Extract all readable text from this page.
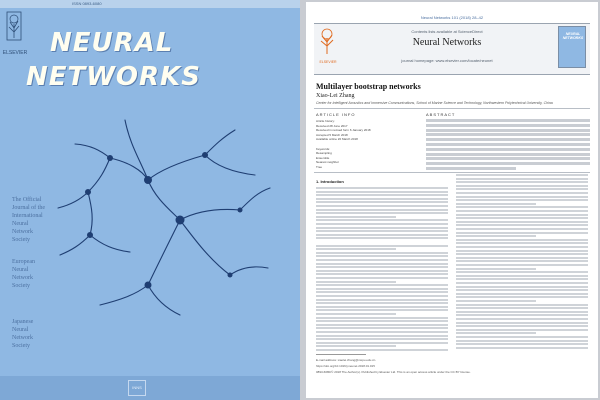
ISSN 0893-6080
ELSEVIER NEURAL
NETWORKS
The Official
Journal of the
International
Neural
Network
Society
European
Neural
Network
Society
Japanese
Neural
Network
Society
INNS
Neural Networks 101 (2018) 28–42
ELSEVIER
Contents lists available at ScienceDirect
Neural Networks
journal homepage: www.elsevier.com/locate/neunet
NEURAL NETWORKS
Multilayer bootstrap networks
Xiao-Lei Zhang
Center for Intelligent Acoustics and Immersive Communications, School of Marine Science and Technology, Northwestern Polytechnical University, China
ARTICLE INFO	ABSTRACT
Article history:
Received 28 June 2017
Received in revised form 6 January 2018
Accepted 5 March 2018
Available online 20 March 2018
Keywords:
Resampling
Ensemble
Nearest neighbor
Tree
1. Introduction
E-mail address: xiaolei.zhang@nwpu.edu.cn.
https://doi.org/10.1016/j.neunet.2018.01.015
0893-6080/© 2018 The Author(s). Published by Elsevier Ltd. This is an open access article under the CC BY license.
